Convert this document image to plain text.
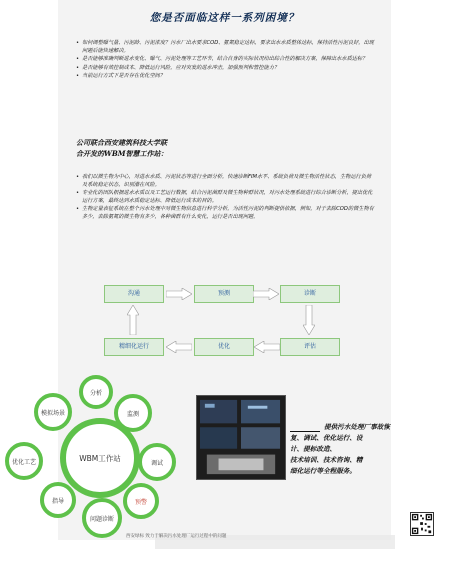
您是否面临这样一系列困境？
• 如何调整曝气量、污泥龄、污泥浓度？污水厂出水要求COD、氨氮稳定达标，要求出水水质整体达标，保持活性污泥良好，出现问题后能快速解决。
• 是否能够准确判断进水变化、曝气、污泥处理等工艺环节，结合自身的实际状况给出综合性的解决方案，保障出水水质达标？
• 是否能够有效控制成本、降低运行风险，应对突发的进水冲击，加强预判和管控能力？
• 当前运行方式下是否存在优化空间？
公司联合西安建筑科技大学联
合开发的WBM智慧工作站：
• 我们以微生物为中心，对进水水质、污泥状态等进行全面分析，快速诊断FIM水平、系统负荷及微生物活性状态，生物运行负荷及系统稳定状态，识别潜在风险。
• 专业化的团队根据进水水质以及工艺运行数据，结合污泥菌群及微生物种群状况，对污水处理系统进行综合诊断分析，提出优化运行方案，最终达到水质稳定达标、降低运行成本的目的。
• 生物定量表征系统在整个污水处理中对微生物信息进行科学分析，为活性污泥的判断提供依据，例如，对于去除COD的微生物有多少，去除氨氮的微生物有多少，各种菌群有什么变化，运行是否出现问题。
沟通	预测	诊断
评估
优化
精细化运行
WBM工作站
分析
监测
调试
预警
问题诊断
指导
优化工艺
模拟场景
提供污水处理厂事故恢
复、调试、优化运行、设
计、提标改造、
技术培训、技术咨询、精
细化运行等全程服务。
西安绿标 致力于解决污水处理厂运行过程中的问题
